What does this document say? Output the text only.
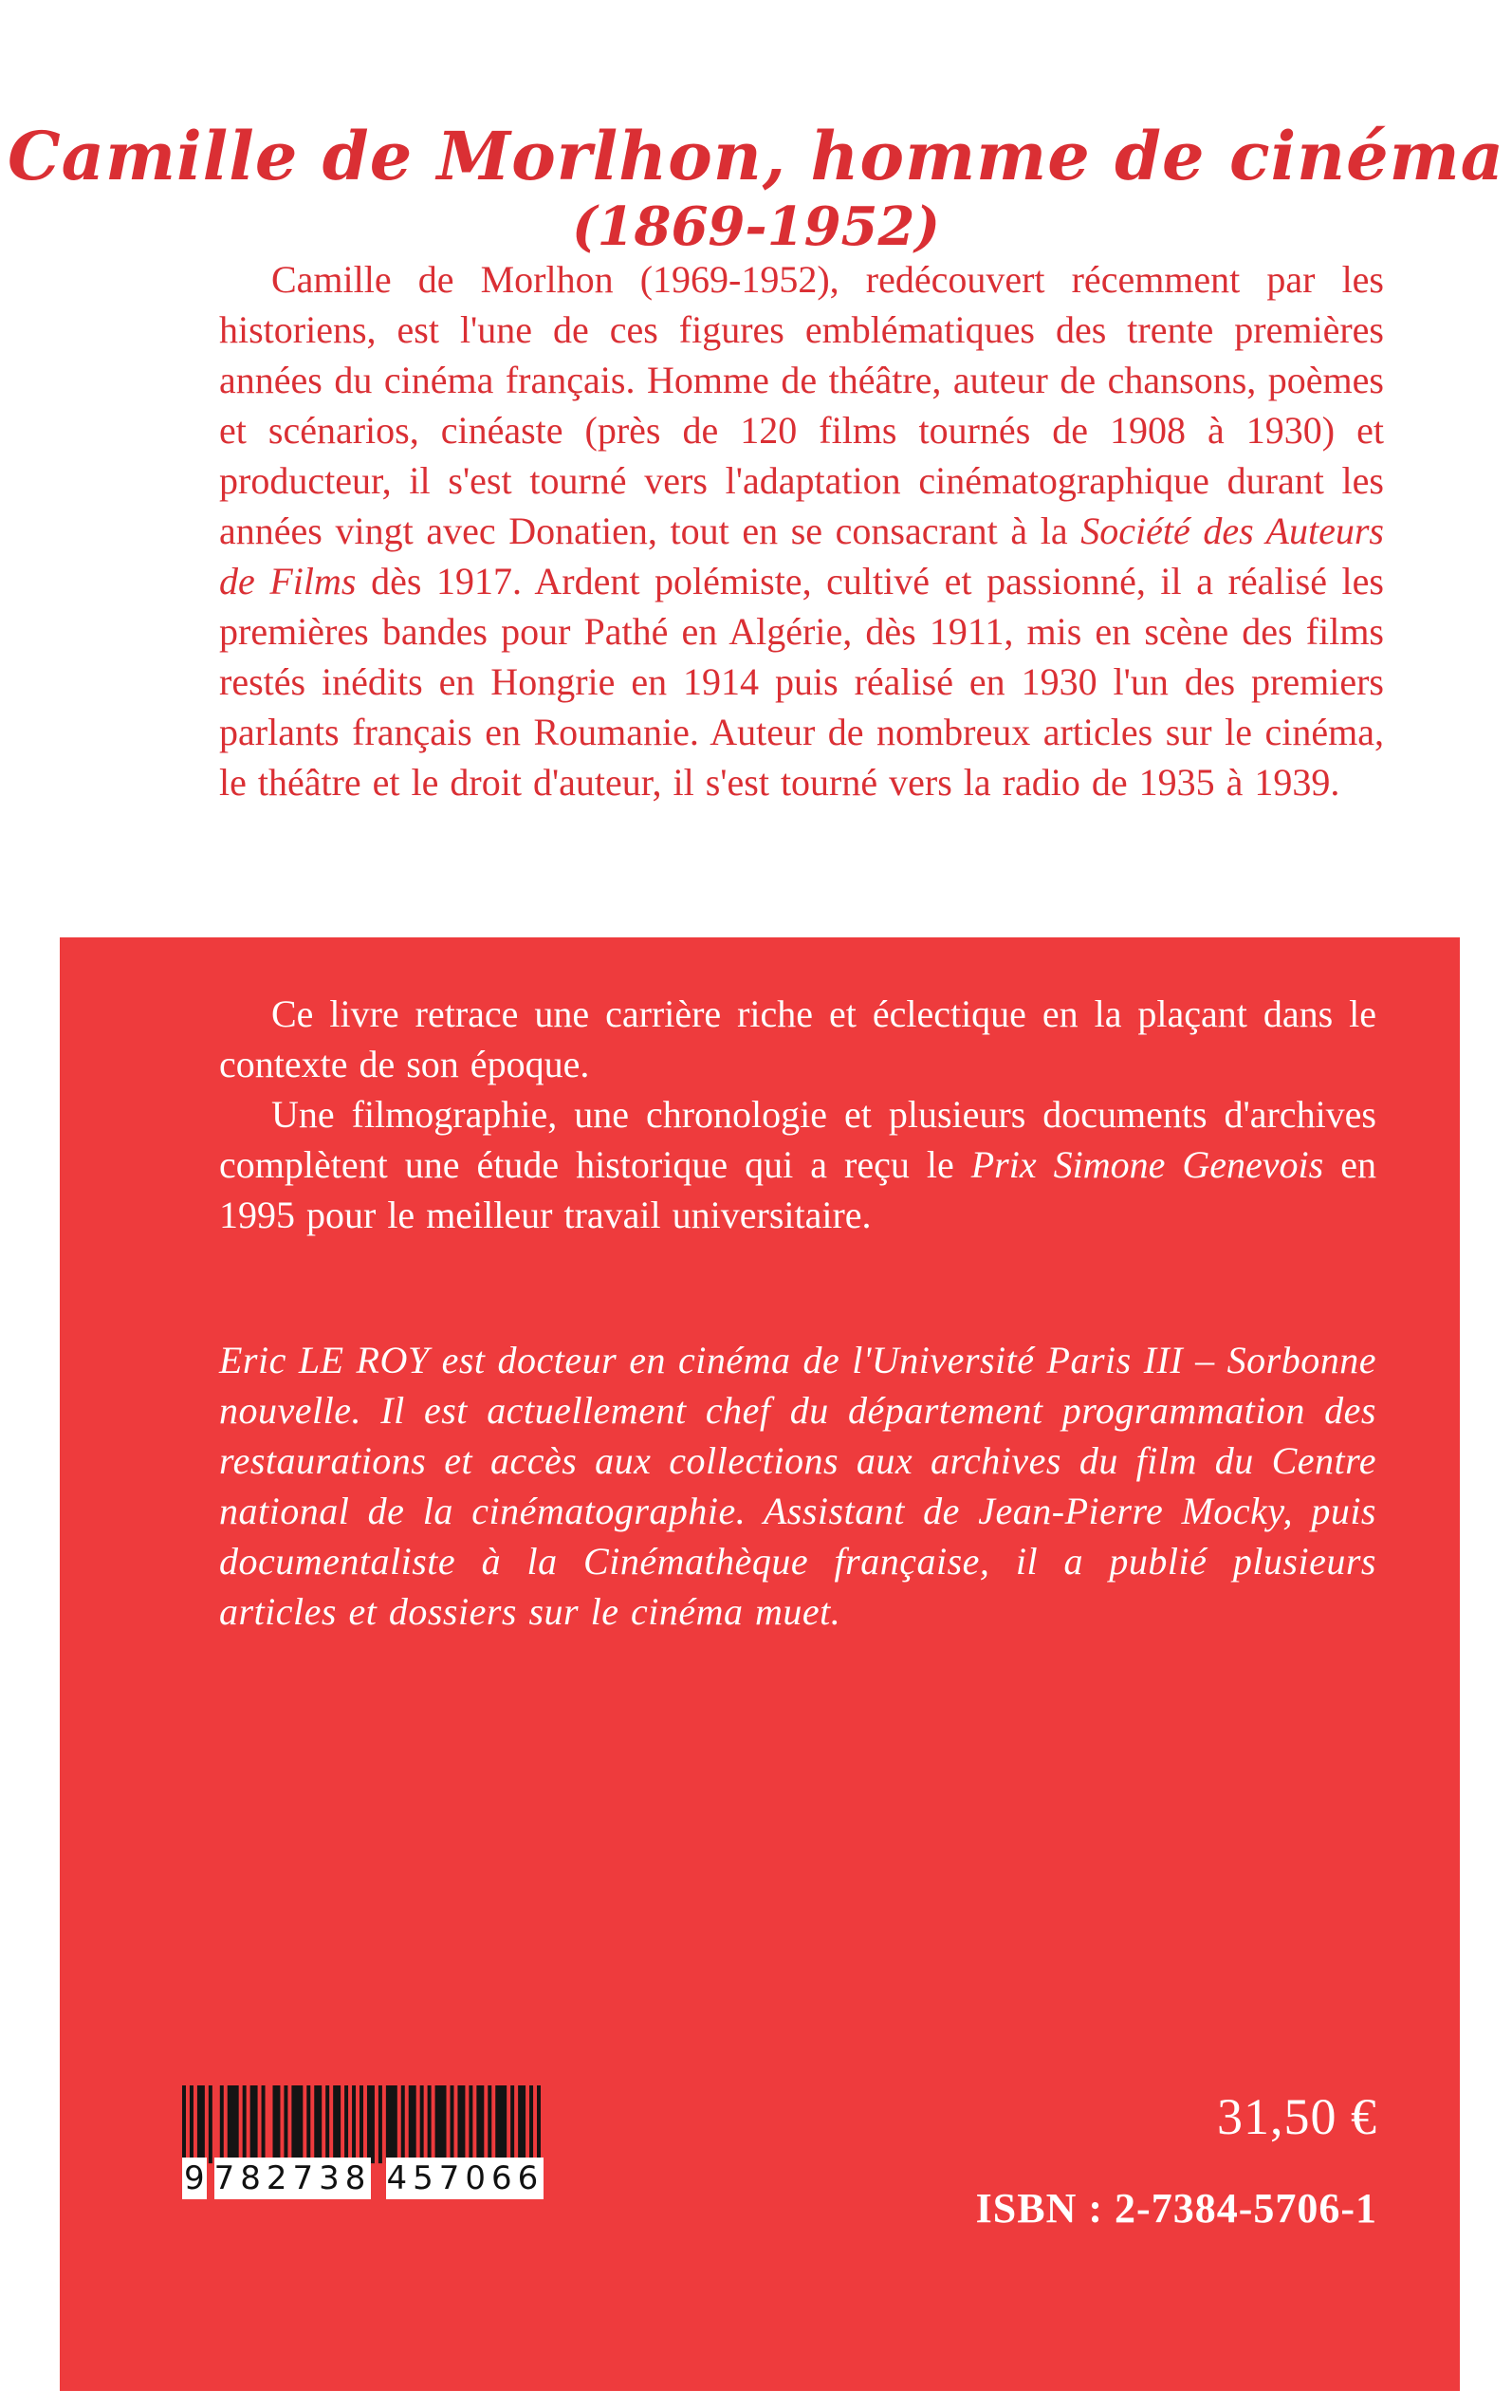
Camille de Morlhon, homme de cinéma
(1869-1952)
Camille de Morlhon (1969-1952), redécouvert récemment par les historiens, est l'une de ces figures emblématiques des trente premières années du cinéma français. Homme de théâtre, auteur de chansons, poèmes et scénarios, cinéaste (près de 120 films tournés de 1908 à 1930) et producteur, il s'est tourné vers l'adaptation cinématographique durant les années vingt avec Donatien, tout en se consacrant à la Société des Auteurs de Films dès 1917. Ardent polémiste, cultivé et passionné, il a réalisé les premières bandes pour Pathé en Algérie, dès 1911, mis en scène des films restés inédits en Hongrie en 1914 puis réalisé en 1930 l'un des premiers parlants français en Roumanie. Auteur de nombreux articles sur le cinéma, le théâtre et le droit d'auteur, il s'est tourné vers la radio de 1935 à 1939.

Ce livre retrace une carrière riche et éclectique en la plaçant dans le contexte de son époque.

Une filmographie, une chronologie et plusieurs documents d'archives complètent une étude historique qui a reçu le Prix Simone Genevois en 1995 pour le meilleur travail universitaire.

Eric LE ROY est docteur en cinéma de l'Université Paris III – Sorbonne nouvelle. Il est actuellement chef du département programmation des restaurations et accès aux collections aux archives du film du Centre national de la cinématographie. Assistant de Jean-Pierre Mocky, puis documentaliste à la Cinémathèque française, il a publié plusieurs articles et dossiers sur le cinéma muet.

9 782738 457066
31,50 €
ISBN : 2-7384-5706-1
